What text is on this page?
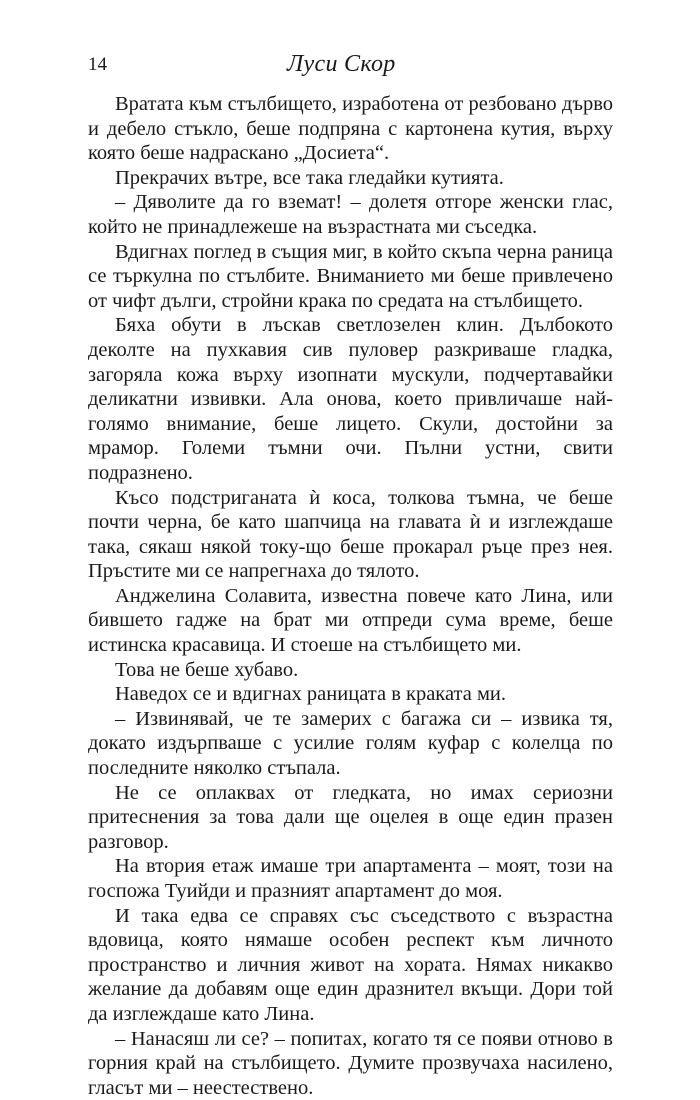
14	Луси Скор

Вратата към стълбището, изработена от резбовано дърво и дебело стъкло, беше подпряна с картонена кутия, върху която беше надраскано „Досиета“.

Прекрачих вътре, все така гледайки кутията.

– Дяволите да го вземат! – долетя отгоре женски глас, който не принадлежеше на възрастната ми съседка.

Вдигнах поглед в същия миг, в който скъпа черна раница се търкулна по стълбите. Вниманието ми беше привлечено от чифт дълги, стройни крака по средата на стълбището.

Бяха обути в лъскав светлозелен клин. Дълбокото деколте на пухкавия сив пуловер разкриваше гладка, загоряла кожа върху изопнати мускули, подчертавайки деликатни извивки. Ала онова, което привличаше най-голямо внимание, беше лицето. Скули, достойни за мрамор. Големи тъмни очи. Пълни устни, свити подразнено.

Късо подстриганата ѝ коса, толкова тъмна, че беше почти черна, бе като шапчица на главата ѝ и изглеждаше така, сякаш някой току-що беше прокарал ръце през нея. Пръстите ми се напрегнаха до тялото.

Анджелина Солавита, известна повече като Лина, или бившето гадже на брат ми отпреди сума време, беше истинска красавица. И стоеше на стълбището ми.

Това не беше хубаво.

Наведох се и вдигнах раницата в краката ми.

– Извинявай, че те замерих с багажа си – извика тя, докато издърпваше с усилие голям куфар с колелца по последните няколко стъпала.

Не се оплаквах от гледката, но имах сериозни притеснения за това дали ще оцелея в още един празен разговор.

На втория етаж имаше три апартамента – моят, този на госпожа Туийди и празният апартамент до моя.

И така едва се справях със съседството с възрастна вдовица, която нямаше особен респект към личното пространство и личния живот на хората. Нямах никакво желание да добавям още един дразнител вкъщи. Дори той да изглеждаше като Лина.

– Нанасяш ли се? – попитах, когато тя се появи отново в горния край на стълбището. Думите прозвучаха насилено, гласът ми – неестествено.
